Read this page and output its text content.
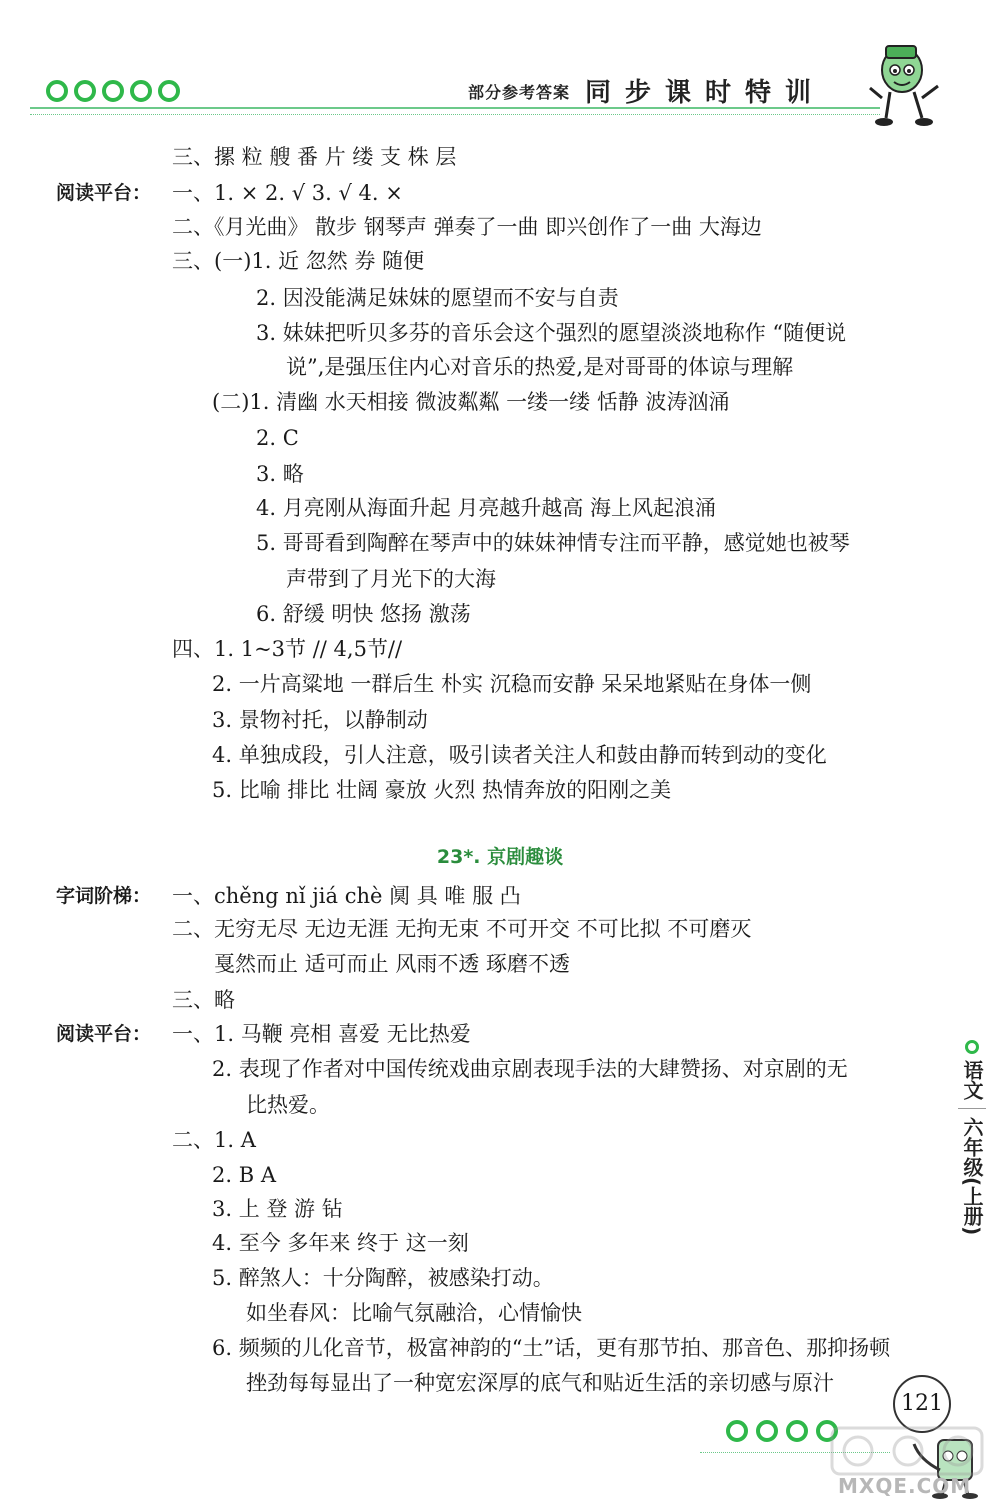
部分参考答案 同步课时特训
三、摞 粒 艘 番 片 缕 支 株 层
阅读平台： 一、1. × 2. √ 3. √ 4. ×
二、《月光曲》 散步 钢琴声 弹奏了一曲 即兴创作了一曲 大海边
三、(一)1. 近 忽然 券 随便
2. 因没能满足妹妹的愿望而不安与自责
3. 妹妹把听贝多芬的音乐会这个强烈的愿望淡淡地称作 “随便说
说”,是强压住内心对音乐的热爱,是对哥哥的体谅与理解
(二)1. 清幽 水天相接 微波粼粼 一缕一缕 恬静 波涛汹涌
2. C
3. 略
4. 月亮刚从海面升起 月亮越升越高 海上风起浪涌
5. 哥哥看到陶醉在琴声中的妹妹神情专注而平静，感觉她也被琴
声带到了月光下的大海
6. 舒缓 明快 悠扬 激荡
四、1. 1~3节 // 4,5节//
2. 一片高粱地 一群后生 朴实 沉稳而安静 呆呆地紧贴在身体一侧
3. 景物衬托，以静制动
4. 单独成段，引人注意，吸引读者关注人和鼓由静而转到动的变化
5. 比喻 排比 壮阔 豪放 火烈 热情奔放的阳刚之美
23*. 京剧趣谈
字词阶梯： 一、chěng nǐ jiá chè 阒 具 唯 服 凸
二、无穷无尽 无边无涯 无拘无束 不可开交 不可比拟 不可磨灭
戛然而止 适可而止 风雨不透 琢磨不透
三、略
阅读平台： 一、1. 马鞭 亮相 喜爱 无比热爱
2. 表现了作者对中国传统戏曲京剧表现手法的大肆赞扬、对京剧的无
比热爱。
二、1. A
2. B A
3. 上 登 游 钻
4. 至今 多年来 终于 这一刻
5. 醉煞人：十分陶醉，被感染打动。
如坐春风：比喻气氛融洽，心情愉快
6. 频频的儿化音节，极富神韵的“土”话，更有那节拍、那音色、那抑扬顿
挫劲每每显出了一种宽宏深厚的底气和贴近生活的亲切感与原汁
语文
六年级(上册)
121
MXQE.COM
